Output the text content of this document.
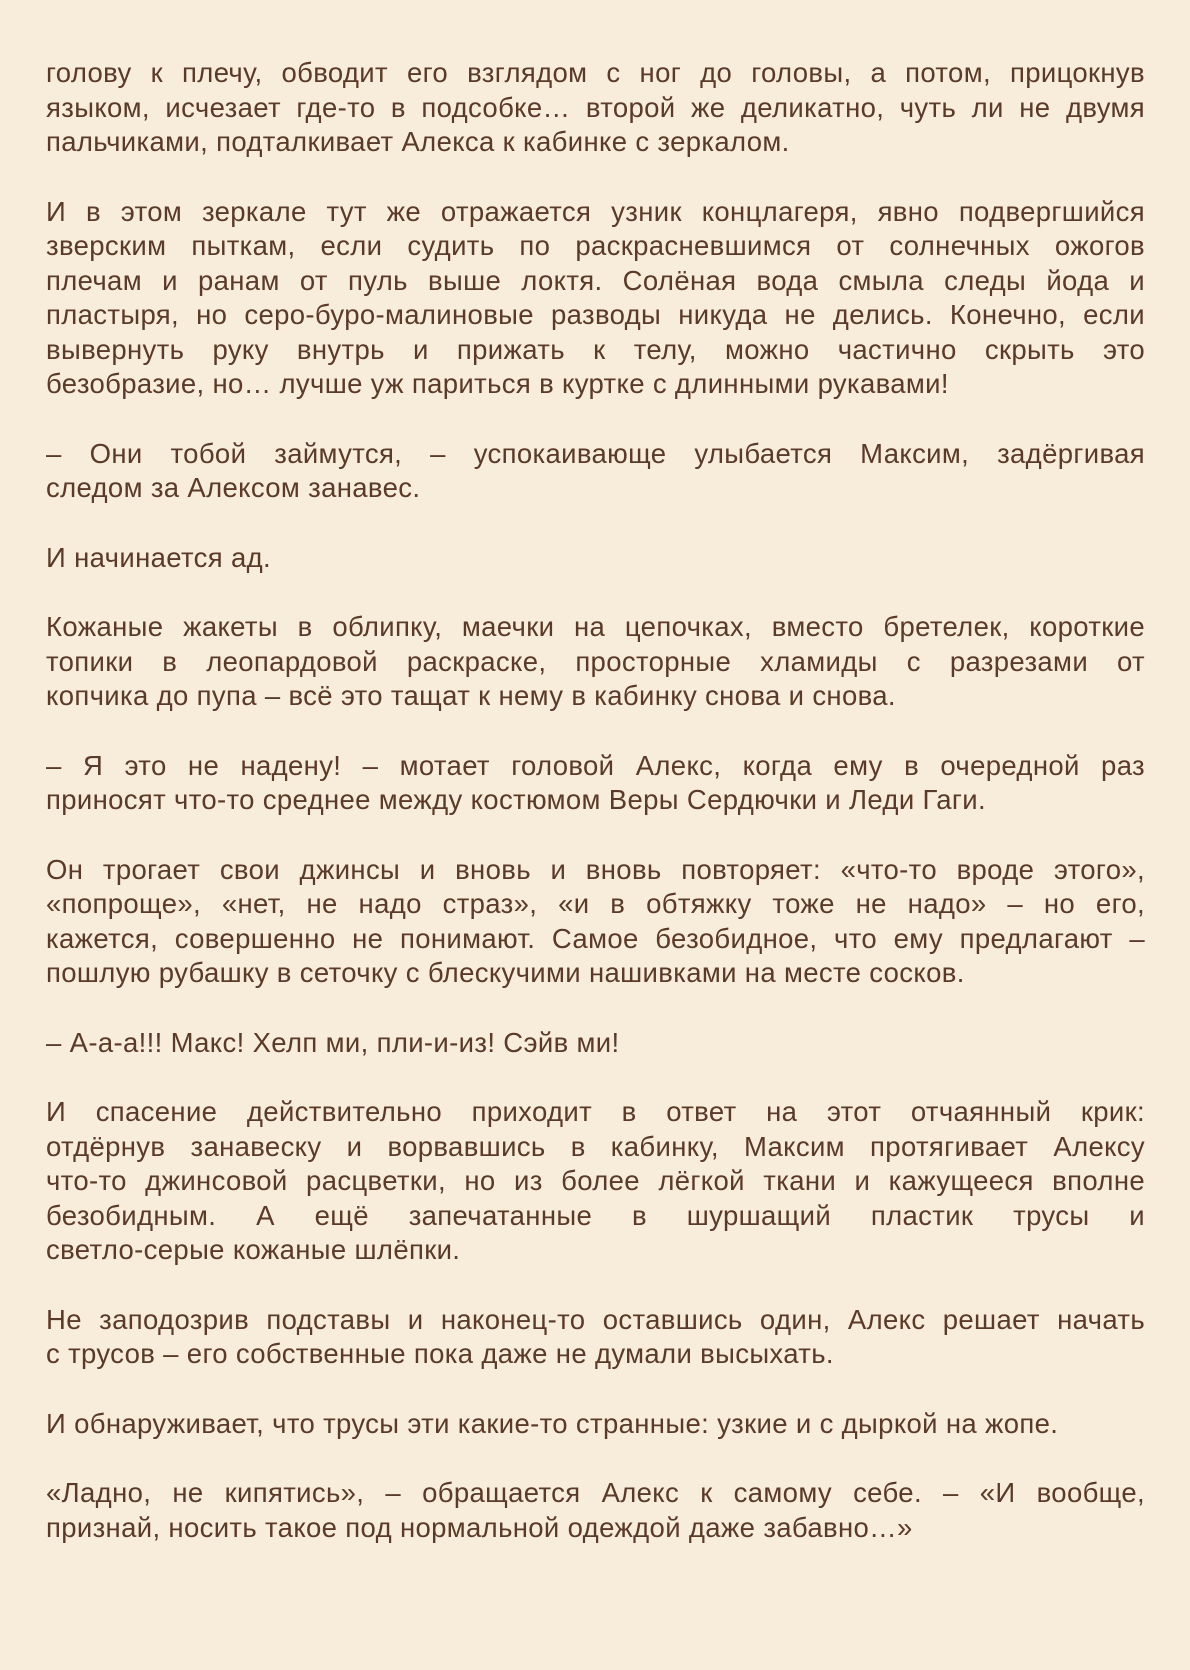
голову к плечу, обводит его взглядом с ног до головы, а потом, прицокнув
языком, исчезает где-то в подсобке… второй же деликатно, чуть ли не двумя
пальчиками, подталкивает Алекса к кабинке с зеркалом.

И в этом зеркале тут же отражается узник концлагеря, явно подвергшийся
зверским пыткам, если судить по раскрасневшимся от солнечных ожогов
плечам и ранам от пуль выше локтя. Солёная вода смыла следы йода и
пластыря, но серо-буро-малиновые разводы никуда не делись. Конечно, если
вывернуть руку внутрь и прижать к телу, можно частично скрыть это
безобразие, но… лучше уж париться в куртке с длинными рукавами!

– Они тобой займутся, – успокаивающе улыбается Максим, задёргивая
следом за Алексом занавес.

И начинается ад.

Кожаные жакеты в облипку, маечки на цепочках, вместо бретелек, короткие
топики в леопардовой раскраске, просторные хламиды с разрезами от
копчика до пупа – всё это тащат к нему в кабинку снова и снова.

– Я это не надену! – мотает головой Алекс, когда ему в очередной раз
приносят что-то среднее между костюмом Веры Сердючки и Леди Гаги.

Он трогает свои джинсы и вновь и вновь повторяет: «что-то вроде этого»,
«попроще», «нет, не надо страз», «и в обтяжку тоже не надо» – но его,
кажется, совершенно не понимают. Самое безобидное, что ему предлагают –
пошлую рубашку в сеточку с блескучими нашивками на месте сосков.

– А-а-а!!! Макс! Хелп ми, пли-и-из! Сэйв ми!

И спасение действительно приходит в ответ на этот отчаянный крик:
отдёрнув занавеску и ворвавшись в кабинку, Максим протягивает Алексу
что-то джинсовой расцветки, но из более лёгкой ткани и кажущееся вполне
безобидным. А ещё запечатанные в шуршащий пластик трусы и
светло-серые кожаные шлёпки.

Не заподозрив подставы и наконец-то оставшись один, Алекс решает начать
с трусов – его собственные пока даже не думали высыхать.

И обнаруживает, что трусы эти какие-то странные: узкие и с дыркой на жопе.

«Ладно, не кипятись», – обращается Алекс к самому себе. – «И вообще,
признай, носить такое под нормальной одеждой даже забавно…»
